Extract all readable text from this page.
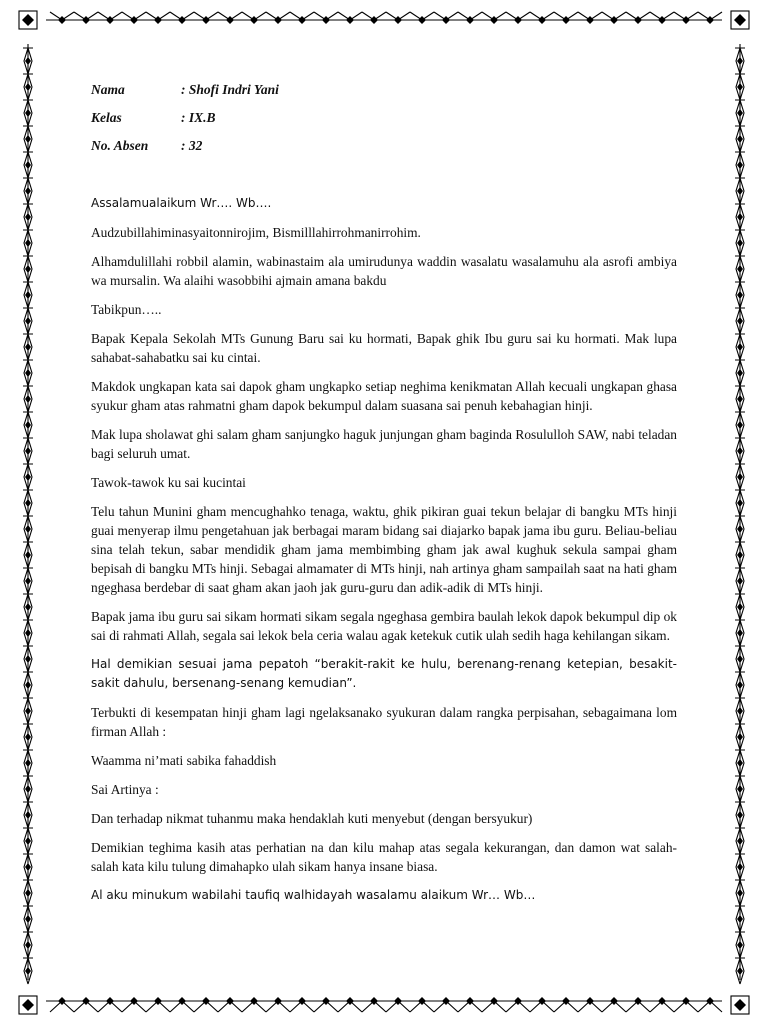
Nama	: Shofi Indri Yani
Kelas	: IX.B
No. Absen	: 32

Assalamualaikum Wr…. Wb….

Audzubillahiminasyaitonnirojim, Bismilllahirrohmanirrohim.

Alhamdulillahi robbil alamin, wabinastaim ala umirudunya waddin wasalatu wasalamuhu ala asrofi ambiya wa mursalin. Wa alaihi wasobbihi ajmain amana bakdu

Tabikpun…..

Bapak Kepala Sekolah MTs Gunung Baru sai ku hormati, Bapak ghik Ibu guru sai ku hormati. Mak lupa sahabat-sahabatku sai ku cintai.

Makdok ungkapan kata sai dapok gham ungkapko setiap neghima kenikmatan Allah kecuali ungkapan ghasa syukur gham atas rahmatni gham dapok bekumpul dalam suasana sai penuh kebahagian hinji.

Mak lupa sholawat ghi salam gham sanjungko haguk junjungan gham baginda Rosululloh SAW, nabi teladan bagi seluruh umat.

Tawok-tawok ku sai kucintai

Telu tahun Munini gham mencughahko tenaga, waktu, ghik pikiran guai tekun belajar di bangku MTs hinji guai menyerap ilmu pengetahuan jak berbagai maram bidang sai diajarko bapak jama ibu guru. Beliau-beliau sina telah tekun, sabar mendidik gham jama membimbing gham jak awal kughuk sekula sampai gham bepisah di bangku MTs hinji. Sebagai almamater di MTs hinji, nah artinya gham sampailah saat na hati gham ngeghasa berdebar di saat gham akan jaoh jak guru-guru dan adik-adik di MTs hinji.

Bapak jama ibu guru sai sikam hormati sikam segala ngeghasa gembira baulah lekok dapok bekumpul dip ok sai di rahmati Allah, segala sai lekok bela ceria walau agak ketekuk cutik ulah sedih haga kehilangan sikam.

Hal demikian sesuai jama pepatoh “berakit-rakit ke hulu, berenang-renang ketepian, besakit-sakit dahulu, bersenang-senang kemudian”.

Terbukti di kesempatan hinji gham lagi ngelaksanako syukuran dalam rangka perpisahan, sebagaimana lom firman Allah :

Waamma ni’mati sabika fahaddish

Sai Artinya :

Dan terhadap nikmat tuhanmu maka hendaklah kuti menyebut (dengan bersyukur)

Demikian teghima kasih atas perhatian na dan kilu mahap atas segala kekurangan, dan damon wat salah-salah kata kilu tulung dimahapko ulah sikam hanya insane biasa.

Al aku minukum wabilahi taufiq walhidayah wasalamu alaikum Wr… Wb…
